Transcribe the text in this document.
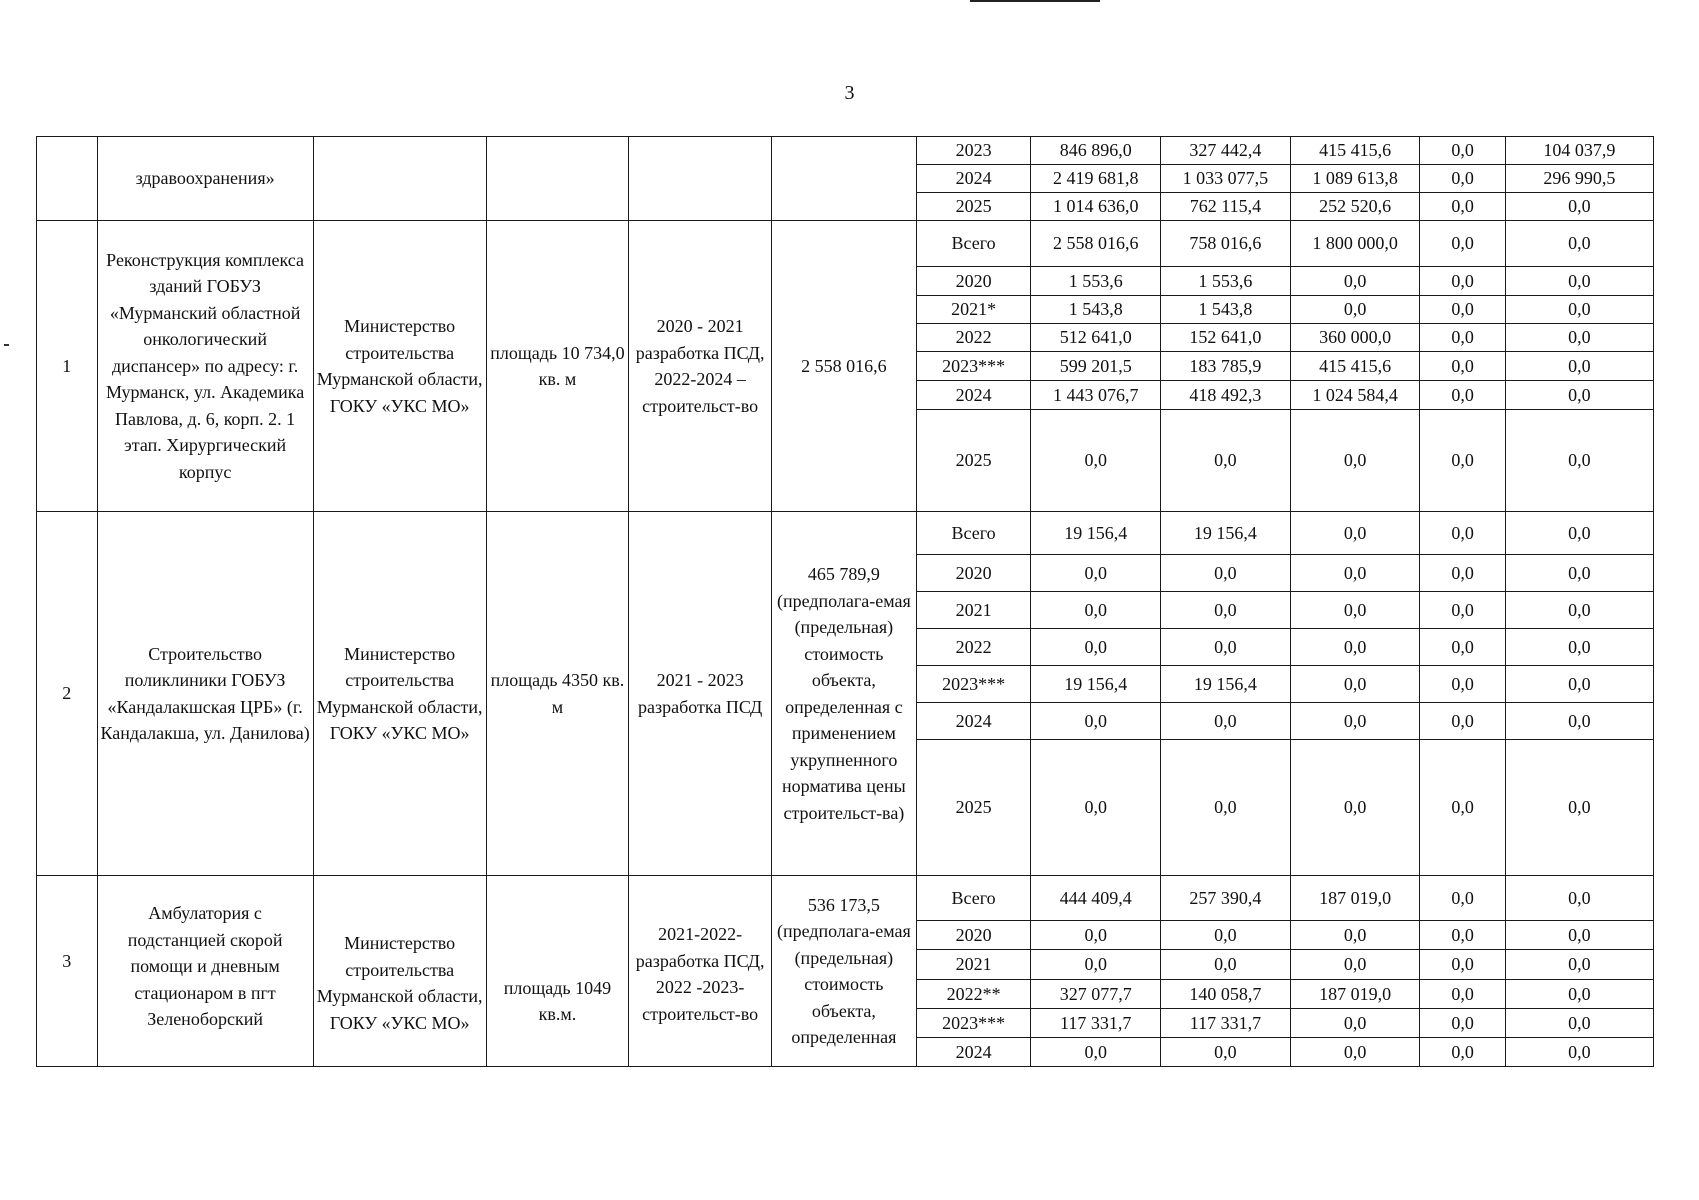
3
	здравоохранения»					2023	846 896,0	327 442,4	415 415,6	0,0	104 037,9
						2024	2 419 681,8	1 033 077,5	1 089 613,8	0,0	296 990,5
						2025	1 014 636,0	762 115,4	252 520,6	0,0	0,0
1	Реконструкция комплекса зданий ГОБУЗ «Мурманский областной онкологический диспансер» по адресу: г. Мурманск, ул. Академика Павлова, д. 6, корп. 2. 1 этап. Хирургический корпус	Министерство строительства Мурманской области, ГОКУ «УКС МО»	площадь 10 734,0 кв. м	2020 - 2021 разработка ПСД, 2022-2024 – строительст-во	2 558 016,6	Всего	2 558 016,6	758 016,6	1 800 000,0	0,0	0,0
						2020	1 553,6	1 553,6	0,0	0,0	0,0
						2021*	1 543,8	1 543,8	0,0	0,0	0,0
						2022	512 641,0	152 641,0	360 000,0	0,0	0,0
						2023***	599 201,5	183 785,9	415 415,6	0,0	0,0
						2024	1 443 076,7	418 492,3	1 024 584,4	0,0	0,0
						2025	0,0	0,0	0,0	0,0	0,0
2	Строительство поликлиники ГОБУЗ «Кандалакшская ЦРБ» (г. Кандалакша, ул. Данилова)	Министерство строительства Мурманской области, ГОКУ «УКС МО»	площадь 4350 кв. м	2021 - 2023 разработка ПСД	465 789,9 (предполага-емая (предельная) стоимость объекта, определенная с применением укрупненного норматива цены строительст-ва)	Всего	19 156,4	19 156,4	0,0	0,0	0,0
						2020	0,0	0,0	0,0	0,0	0,0
						2021	0,0	0,0	0,0	0,0	0,0
						2022	0,0	0,0	0,0	0,0	0,0
						2023***	19 156,4	19 156,4	0,0	0,0	0,0
						2024	0,0	0,0	0,0	0,0	0,0
						2025	0,0	0,0	0,0	0,0	0,0
3	Амбулатория с подстанцией скорой помощи и дневным стационаром в пгт Зеленоборский	Министерство строительства Мурманской области, ГОКУ «УКС МО»	площадь 1049 кв.м.	2021-2022- разработка ПСД, 2022 -2023- строительст-во	536 173,5 (предполага-емая (предельная) стоимость объекта, определенная	Всего	444 409,4	257 390,4	187 019,0	0,0	0,0
						2020	0,0	0,0	0,0	0,0	0,0
						2021	0,0	0,0	0,0	0,0	0,0
						2022**	327 077,7	140 058,7	187 019,0	0,0	0,0
						2023***	117 331,7	117 331,7	0,0	0,0	0,0
						2024	0,0	0,0	0,0	0,0	0,0
